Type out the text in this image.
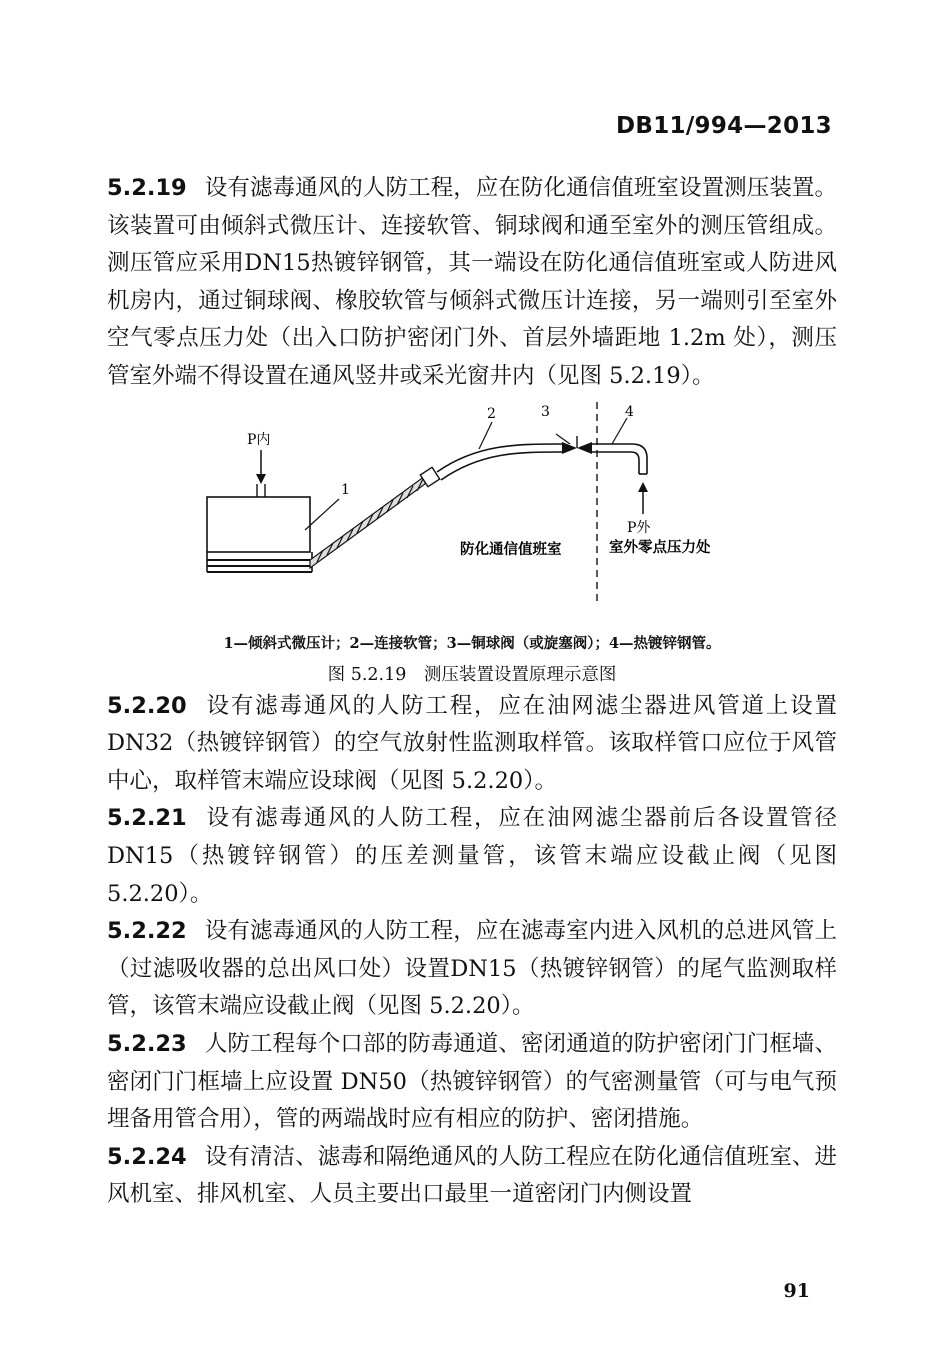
DB11/994—2013

5.2.19 设有滤毒通风的人防工程，应在防化通信值班室设置测压装置。该装置可由倾斜式微压计、连接软管、铜球阀和通至室外的测压管组成。测压管应采用DN15热镀锌钢管，其一端设在防化通信值班室或人防进风机房内，通过铜球阀、橡胶软管与倾斜式微压计连接，另一端则引至室外空气零点压力处（出入口防护密闭门外、首层外墙距地 1.2m 处），测压管室外端不得设置在通风竖井或采光窗井内（见图 5.2.19）。

P内
1
2	3	4
P外
防化通信值班室	室外零点压力处

1—倾斜式微压计；2—连接软管；3—铜球阀（或旋塞阀）；4—热镀锌钢管。

图 5.2.19　测压装置设置原理示意图

5.2.20 设有滤毒通风的人防工程，应在油网滤尘器进风管道上设置DN32（热镀锌钢管）的空气放射性监测取样管。该取样管口应位于风管中心，取样管末端应设球阀（见图 5.2.20）。

5.2.21 设有滤毒通风的人防工程，应在油网滤尘器前后各设置管径DN15（热镀锌钢管）的压差测量管，该管末端应设截止阀（见图 5.2.20）。

5.2.22 设有滤毒通风的人防工程，应在滤毒室内进入风机的总进风管上（过滤吸收器的总出风口处）设置DN15（热镀锌钢管）的尾气监测取样管，该管末端应设截止阀（见图 5.2.20）。

5.2.23 人防工程每个口部的防毒通道、密闭通道的防护密闭门门框墙、密闭门门框墙上应设置 DN50（热镀锌钢管）的气密测量管（可与电气预埋备用管合用），管的两端战时应有相应的防护、密闭措施。

5.2.24 设有清洁、滤毒和隔绝通风的人防工程应在防化通信值班室、进风机室、排风机室、人员主要出口最里一道密闭门内侧设置

91
